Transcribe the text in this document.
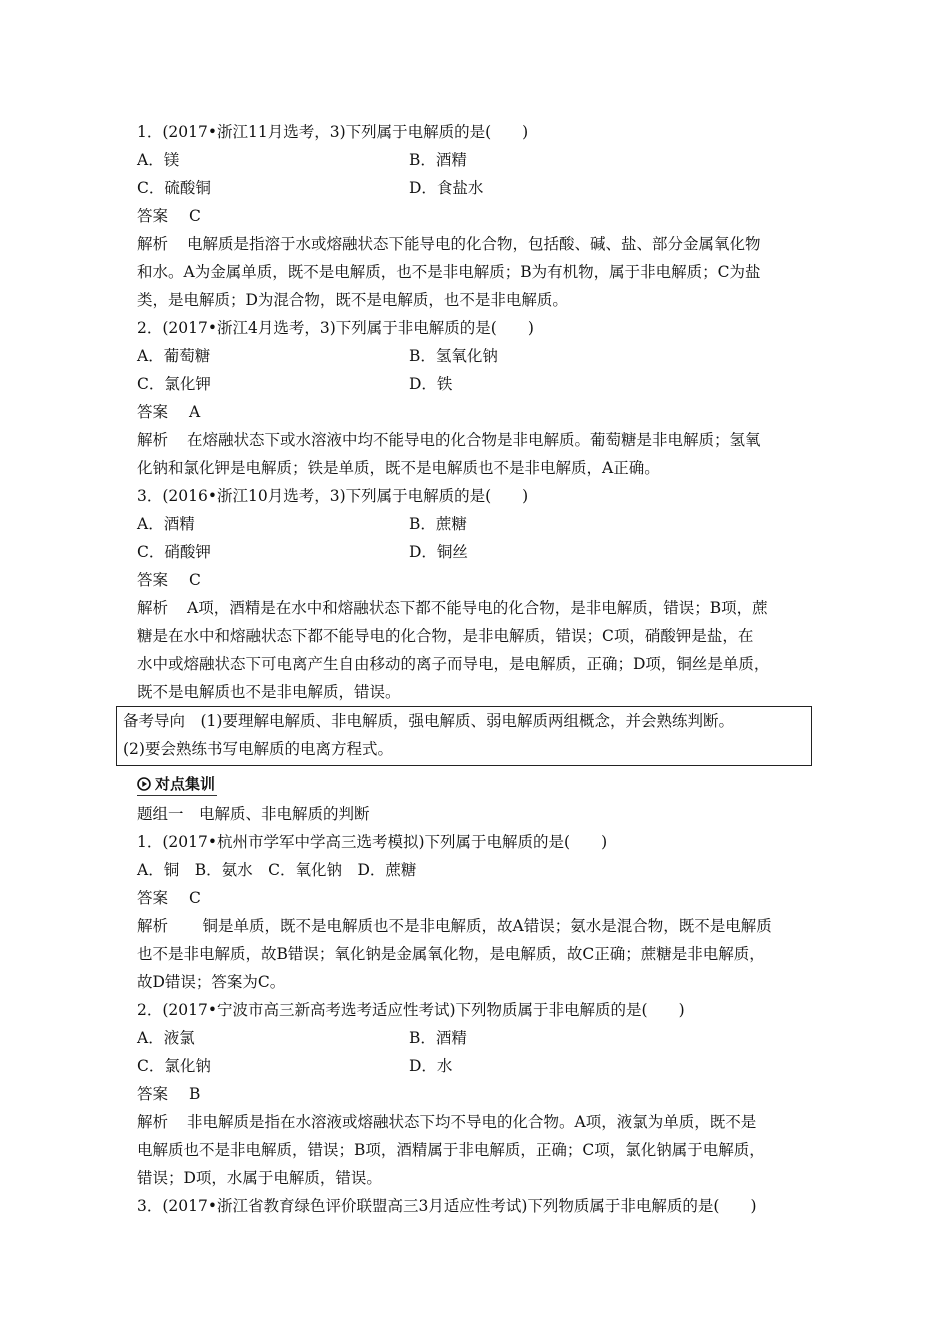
1．(2017•浙江11月选考，3)下列属于电解质的是(　　)
A．镁	B．酒精
C．硫酸铜	D．食盐水
答案 C
解析 电解质是指溶于水或熔融状态下能导电的化合物，包括酸、碱、盐、部分金属氧化物
和水。A为金属单质，既不是电解质，也不是非电解质；B为有机物，属于非电解质；C为盐
类，是电解质；D为混合物，既不是电解质，也不是非电解质。
2．(2017•浙江4月选考，3)下列属于非电解质的是(　　)
A．葡萄糖	B．氢氧化钠
C．氯化钾	D．铁
答案 A
解析 在熔融状态下或水溶液中均不能导电的化合物是非电解质。葡萄糖是非电解质；氢氧
化钠和氯化钾是电解质；铁是单质，既不是电解质也不是非电解质，A正确。
3．(2016•浙江10月选考，3)下列属于电解质的是(　　)
A．酒精	B．蔗糖
C．硝酸钾	D．铜丝
答案 C
解析 A项，酒精是在水中和熔融状态下都不能导电的化合物，是非电解质，错误；B项，蔗
糖是在水中和熔融状态下都不能导电的化合物，是非电解质，错误；C项，硝酸钾是盐，在
水中或熔融状态下可电离产生自由移动的离子而导电，是电解质，正确；D项，铜丝是单质，
既不是电解质也不是非电解质，错误。
备考导向　(1)要理解电解质、非电解质，强电解质、弱电解质两组概念，并会熟练判断。
(2)要会熟练书写电解质的电离方程式。
对点集训
题组一　电解质、非电解质的判断
1．(2017•杭州市学军中学高三选考模拟)下列属于电解质的是(　　)
A．铜　B．氨水　C．氧化钠　D．蔗糖
答案 C
解析　铜是单质，既不是电解质也不是非电解质，故A错误；氨水是混合物，既不是电解质
也不是非电解质，故B错误；氧化钠是金属氧化物，是电解质，故C正确；蔗糖是非电解质，
故D错误；答案为C。
2．(2017•宁波市高三新高考选考适应性考试)下列物质属于非电解质的是(　　)
A．液氯	B．酒精
C．氯化钠	D．水
答案 B
解析 非电解质是指在水溶液或熔融状态下均不导电的化合物。A项，液氯为单质，既不是
电解质也不是非电解质，错误；B项，酒精属于非电解质，正确；C项，氯化钠属于电解质，
错误；D项，水属于电解质，错误。
3．(2017•浙江省教育绿色评价联盟高三3月适应性考试)下列物质属于非电解质的是(　　)
